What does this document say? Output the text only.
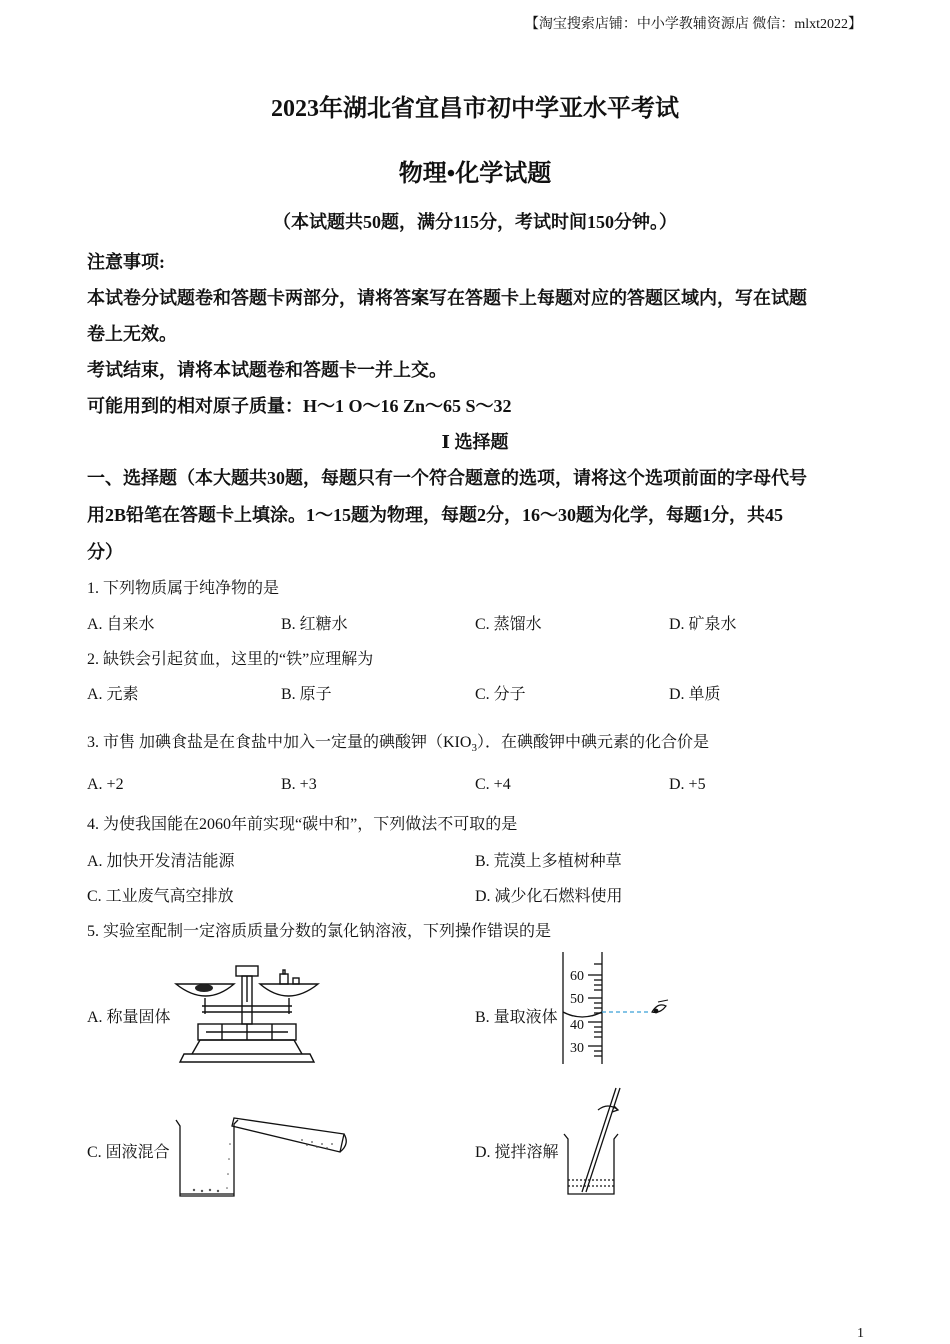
【淘宝搜索店铺：中小学教辅资源店 微信：mlxt2022】
2023年湖北省宜昌市初中学亚水平考试
物理•化学试题
（本试题共50题，满分115分，考试时间150分钟。）
注意事项:
本试卷分试题卷和答题卡两部分，请将答案写在答题卡上每题对应的答题区域内，写在试题
卷上无效。
考试结束，请将本试题卷和答题卡一并上交。
可能用到的相对原子质量：H～1 O～16 Zn～65 S～32
Ⅰ 选择题
一、选择题（本大题共30题，每题只有一个符合题意的选项，请将这个选项前面的字母代号
用2B铅笔在答题卡上填涂。1～15题为物理，每题2分，16～30题为化学，每题1分，共45
分）
1. 下列物质属于纯净物的是
A. 自来水	B. 红糖水	C. 蒸馏水	D. 矿泉水
2. 缺铁会引起贫血，这里的“铁”应理解为
A. 元素	B. 原子	C. 分子	D. 单质
3. 市售 加碘食盐是在食盐中加入一定量的碘酸钾$(KIO_3)$．在碘酸钾中碘元素的化合价是
A. +2	B. +3	C. +4	D. +5
4. 为使我国能在2060年前实现“碳中和”，下列做法不可取的是
A. 加快开发清洁能源	B. 荒漠上多植树种草
C. 工业废气高空排放	D. 减少化石燃料使用
5. 实验室配制一定溶质质量分数的氯化钠溶液，下列操作错误的是
A. 称量固体	B. 量取液体
60
50
40
30
C. 固液混合	D. 搅拌溶解
1
